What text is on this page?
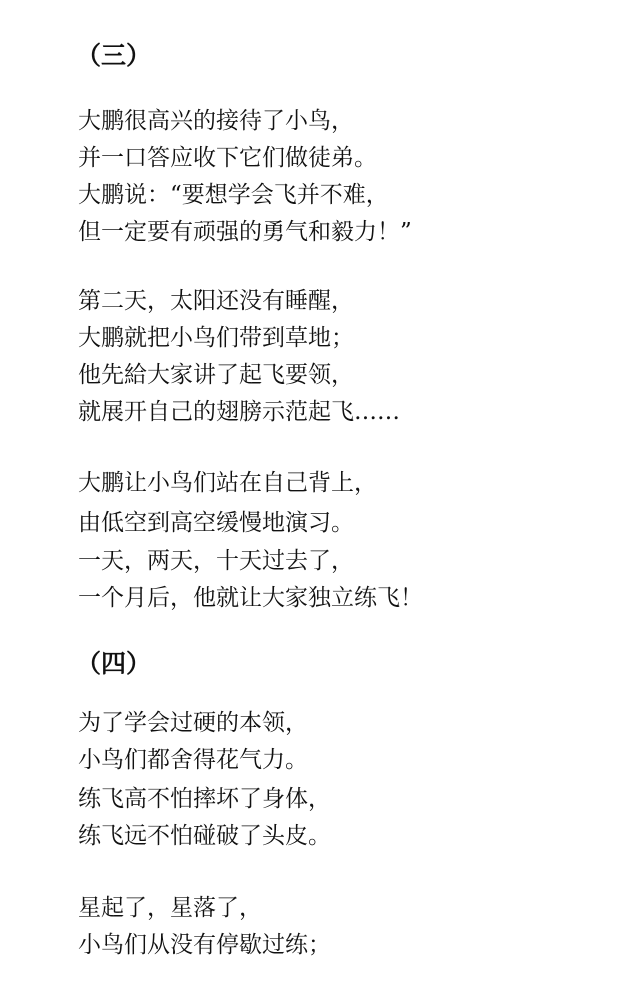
（三）
大鹏很高兴的接待了小鸟，
并一口答应收下它们做徒弟。
大鹏说：“要想学会飞并不难，
但一定要有顽强的勇气和毅力！”
第二天，太阳还没有睡醒，
大鹏就把小鸟们带到草地；
他先給大家讲了起飞要领，
就展开自己的翅膀示范起飞……
大鹏让小鸟们站在自己背上，
由低空到高空缓慢地演习。
一天，两天，十天过去了，
一个月后，他就让大家独立练飞！
（四）
为了学会过硬的本领，
小鸟们都舍得花气力。
练飞高不怕摔坏了身体，
练飞远不怕碰破了头皮。
星起了，星落了，
小鸟们从没有停歇过练；
